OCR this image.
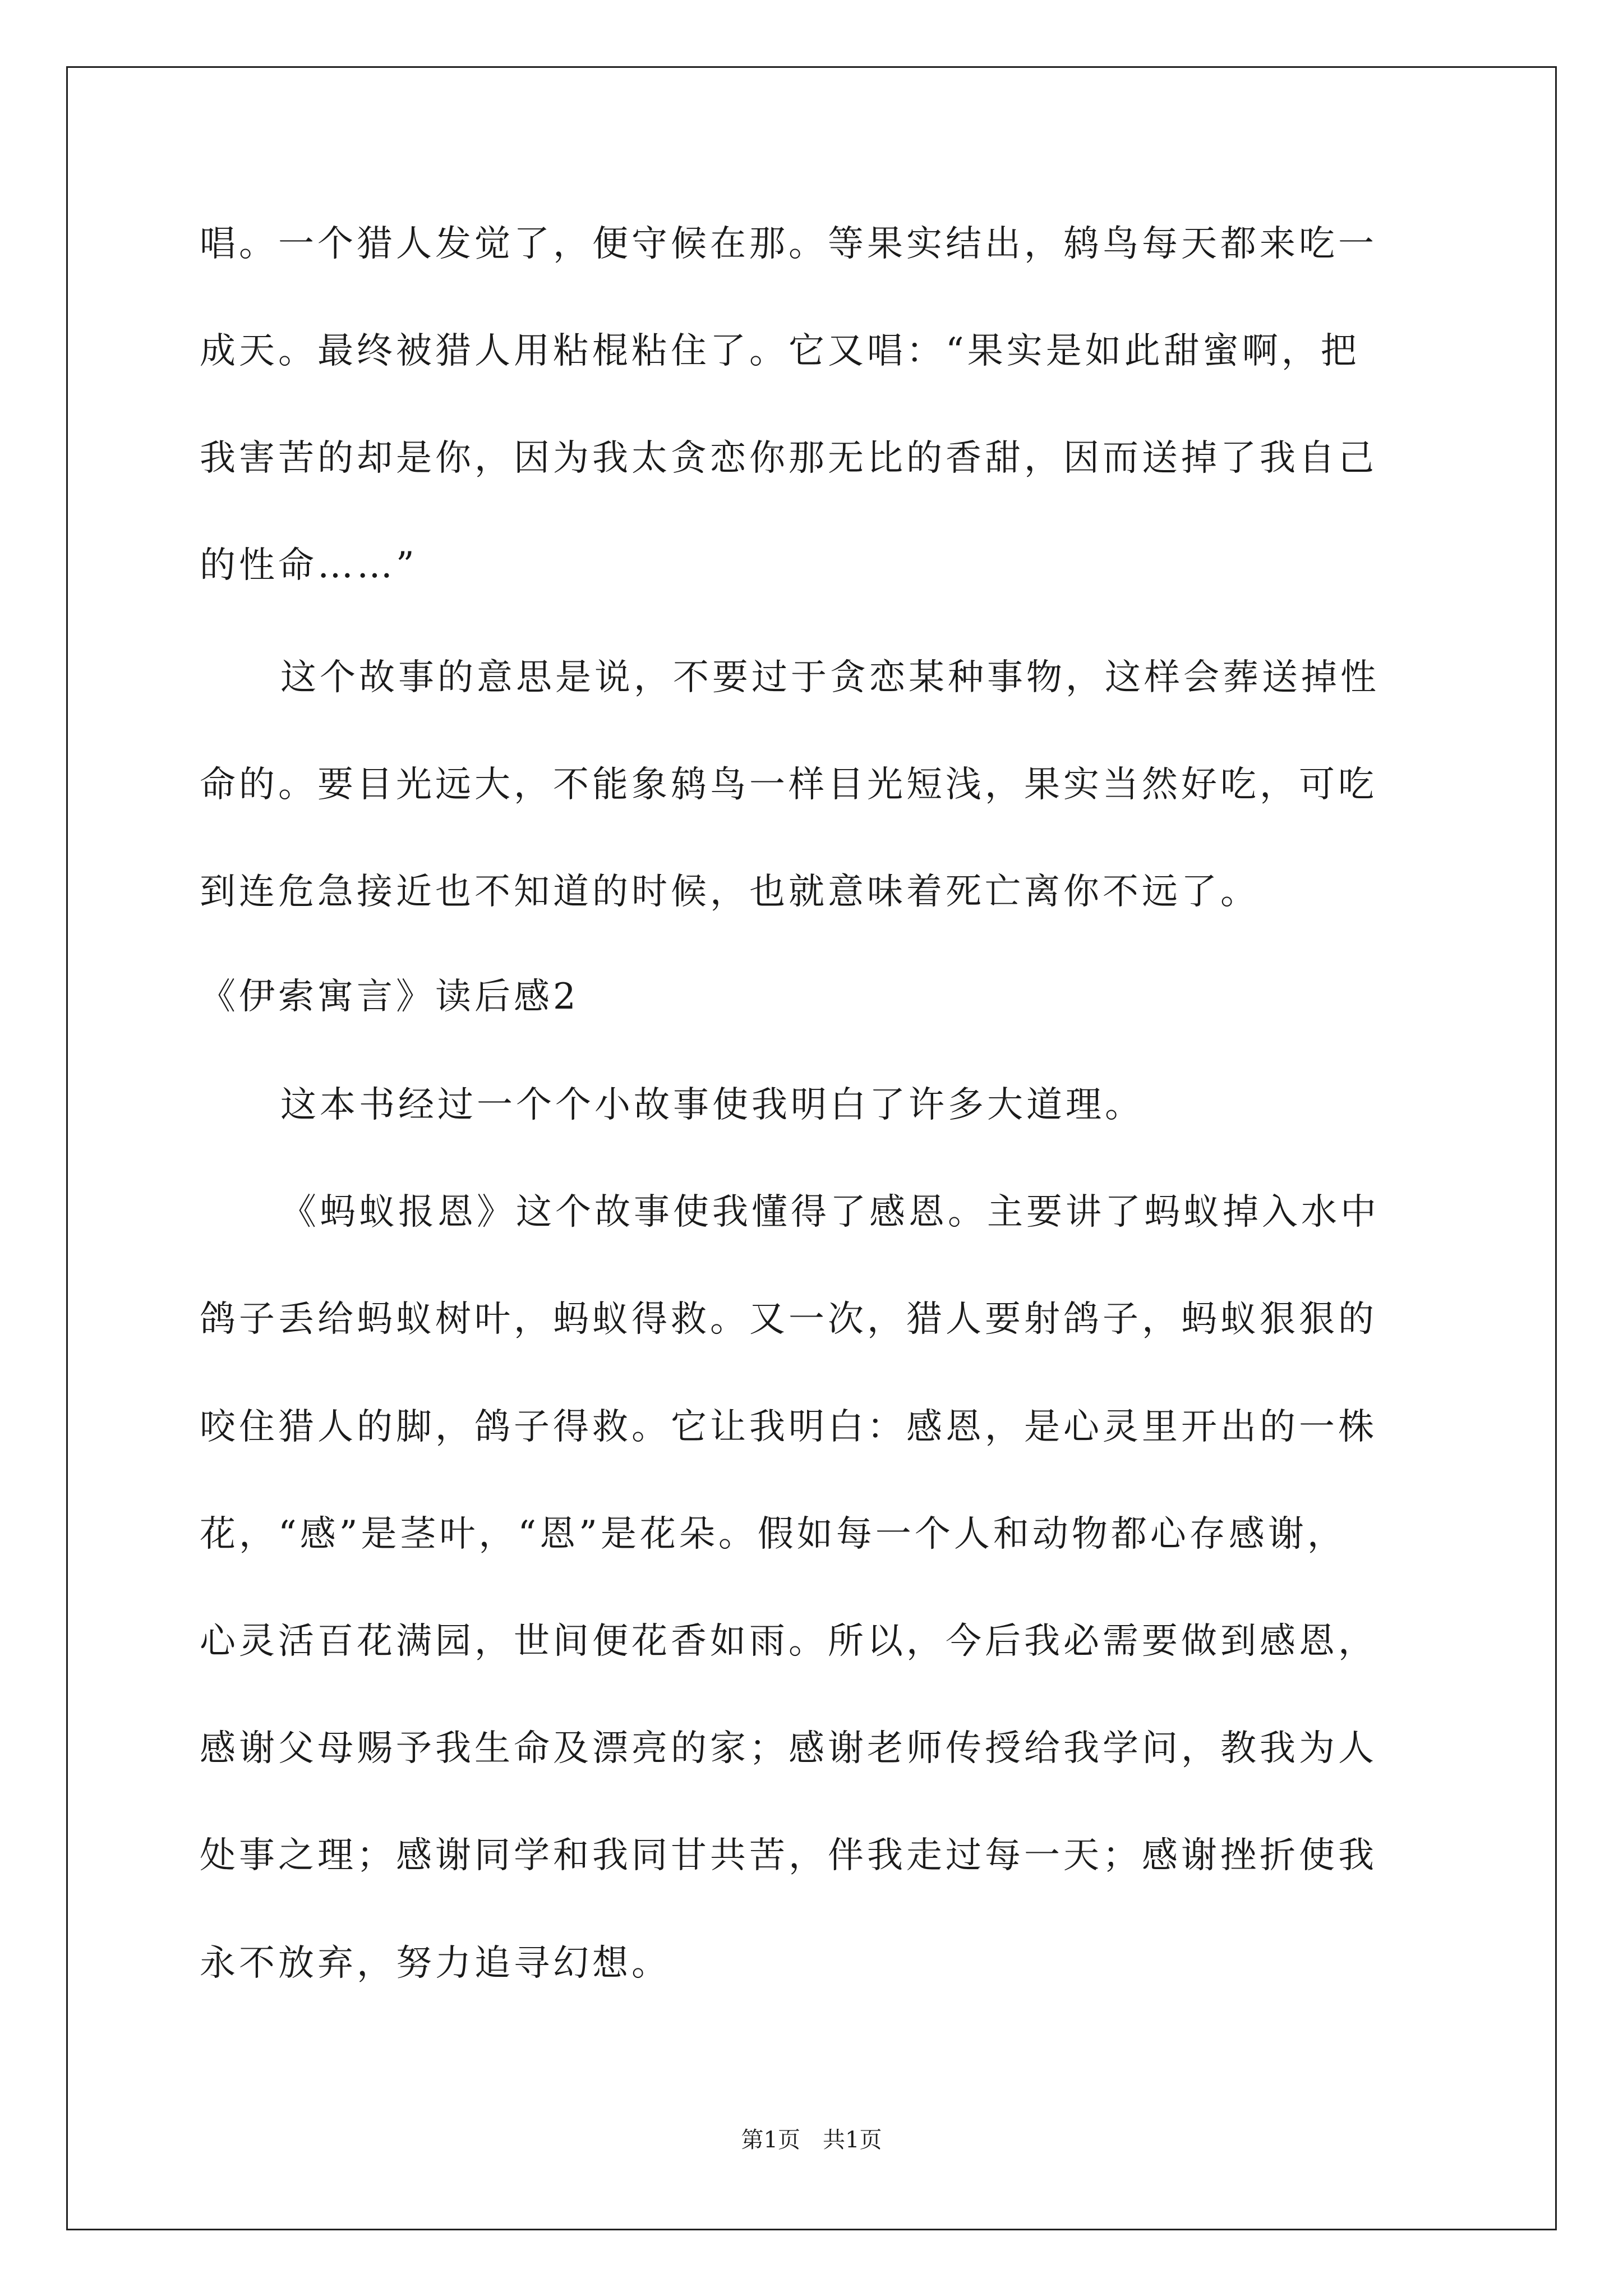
唱。一个猎人发觉了，便守候在那。等果实结出，鸫鸟每天都来吃一
成天。最终被猎人用粘棍粘住了。它又唱：“果实是如此甜蜜啊，把
我害苦的却是你，因为我太贪恋你那无比的香甜，因而送掉了我自己
的性命……”
这个故事的意思是说，不要过于贪恋某种事物，这样会葬送掉性
命的。要目光远大，不能象鸫鸟一样目光短浅，果实当然好吃，可吃
到连危急接近也不知道的时候，也就意味着死亡离你不远了。
《伊索寓言》读后感2
这本书经过一个个小故事使我明白了许多大道理。
《蚂蚁报恩》这个故事使我懂得了感恩。主要讲了蚂蚁掉入水中
鸽子丢给蚂蚁树叶，蚂蚁得救。又一次，猎人要射鸽子，蚂蚁狠狠的
咬住猎人的脚，鸽子得救。它让我明白：感恩，是心灵里开出的一株
花，“感”是茎叶，“恩”是花朵。假如每一个人和动物都心存感谢，
心灵活百花满园，世间便花香如雨。所以，今后我必需要做到感恩，
感谢父母赐予我生命及漂亮的家；感谢老师传授给我学问，教我为人
处事之理；感谢同学和我同甘共苦，伴我走过每一天；感谢挫折使我
永不放弃，努力追寻幻想。
第1页　共1页
